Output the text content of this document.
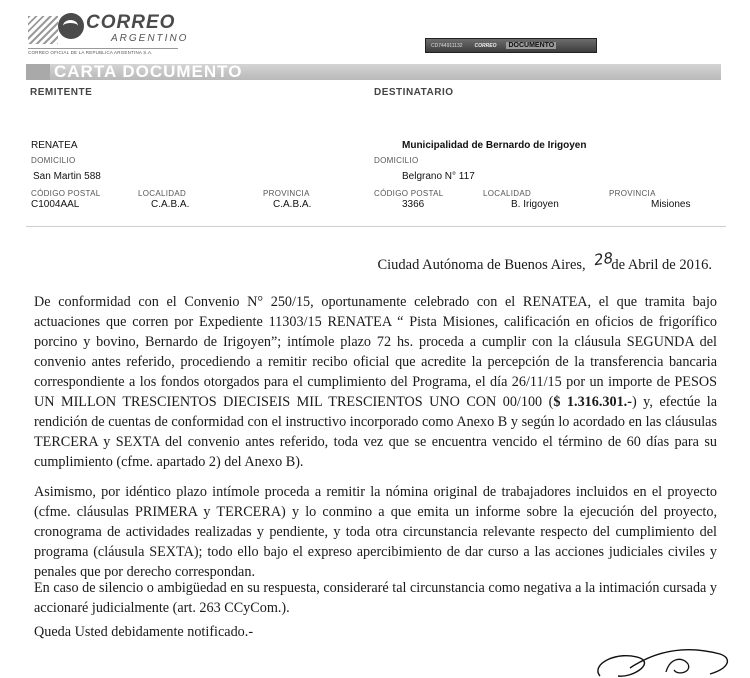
CORREO
ARGENTINO
CORREO OFICIAL DE LA REPUBLICA ARGENTINA S.A.
CD744911132 CORREO DOCUMENTO
CARTA DOCUMENTO
REMITENTE
RENATEA
DOMICILIO
San Martin 588
CÓDIGO POSTAL
C1004AAL
LOCALIDAD
C.A.B.A.
PROVINCIA
C.A.B.A.
DESTINATARIO
Municipalidad de Bernardo de Irigoyen
DOMICILIO
Belgrano N° 117
CÓDIGO POSTAL
3366
LOCALIDAD
B. Irigoyen
PROVINCIA
Misiones
Ciudad Autónoma de Buenos Aires, de Abril de 2016.
28

De conformidad con el Convenio N° 250/15, oportunamente celebrado con el RENATEA, el que tramita bajo actuaciones que corren por Expediente 11303/15 RENATEA “ Pista Misiones, calificación en oficios de frigorífico porcino y bovino, Bernardo de Irigoyen”; intímole plazo 72 hs. proceda a cumplir con la cláusula SEGUNDA del convenio antes referido, procediendo a remitir recibo oficial que acredite la percepción de la transferencia bancaria correspondiente a los fondos otorgados para el cumplimiento del Programa, el día 26/11/15 por un importe de PESOS UN MILLON TRESCIENTOS DIECISEIS MIL TRESCIENTOS UNO CON 00/100 ($ 1.316.301.-) y, efectúe la rendición de cuentas de conformidad con el instructivo incorporado como Anexo B y según lo acordado en las cláusulas TERCERA y SEXTA del convenio antes referido, toda vez que se encuentra vencido el término de 60 días para su cumplimiento (cfme. apartado 2) del Anexo B).

Asimismo, por idéntico plazo intímole proceda a remitir la nómina original de trabajadores incluidos en el proyecto (cfme. cláusulas PRIMERA y TERCERA) y lo conmino a que emita un informe sobre la ejecución del proyecto, cronograma de actividades realizadas y pendiente, y toda otra circunstancia relevante respecto del cumplimiento del programa (cláusula SEXTA); todo ello bajo el expreso apercibimiento de dar curso a las acciones judiciales civiles y penales que por derecho correspondan.

En caso de silencio o ambigüedad en su respuesta, consideraré tal circunstancia como negativa a la intimación cursada y accionaré judicialmente (art. 263 CCyCom.).

Queda Usted debidamente notificado.-
